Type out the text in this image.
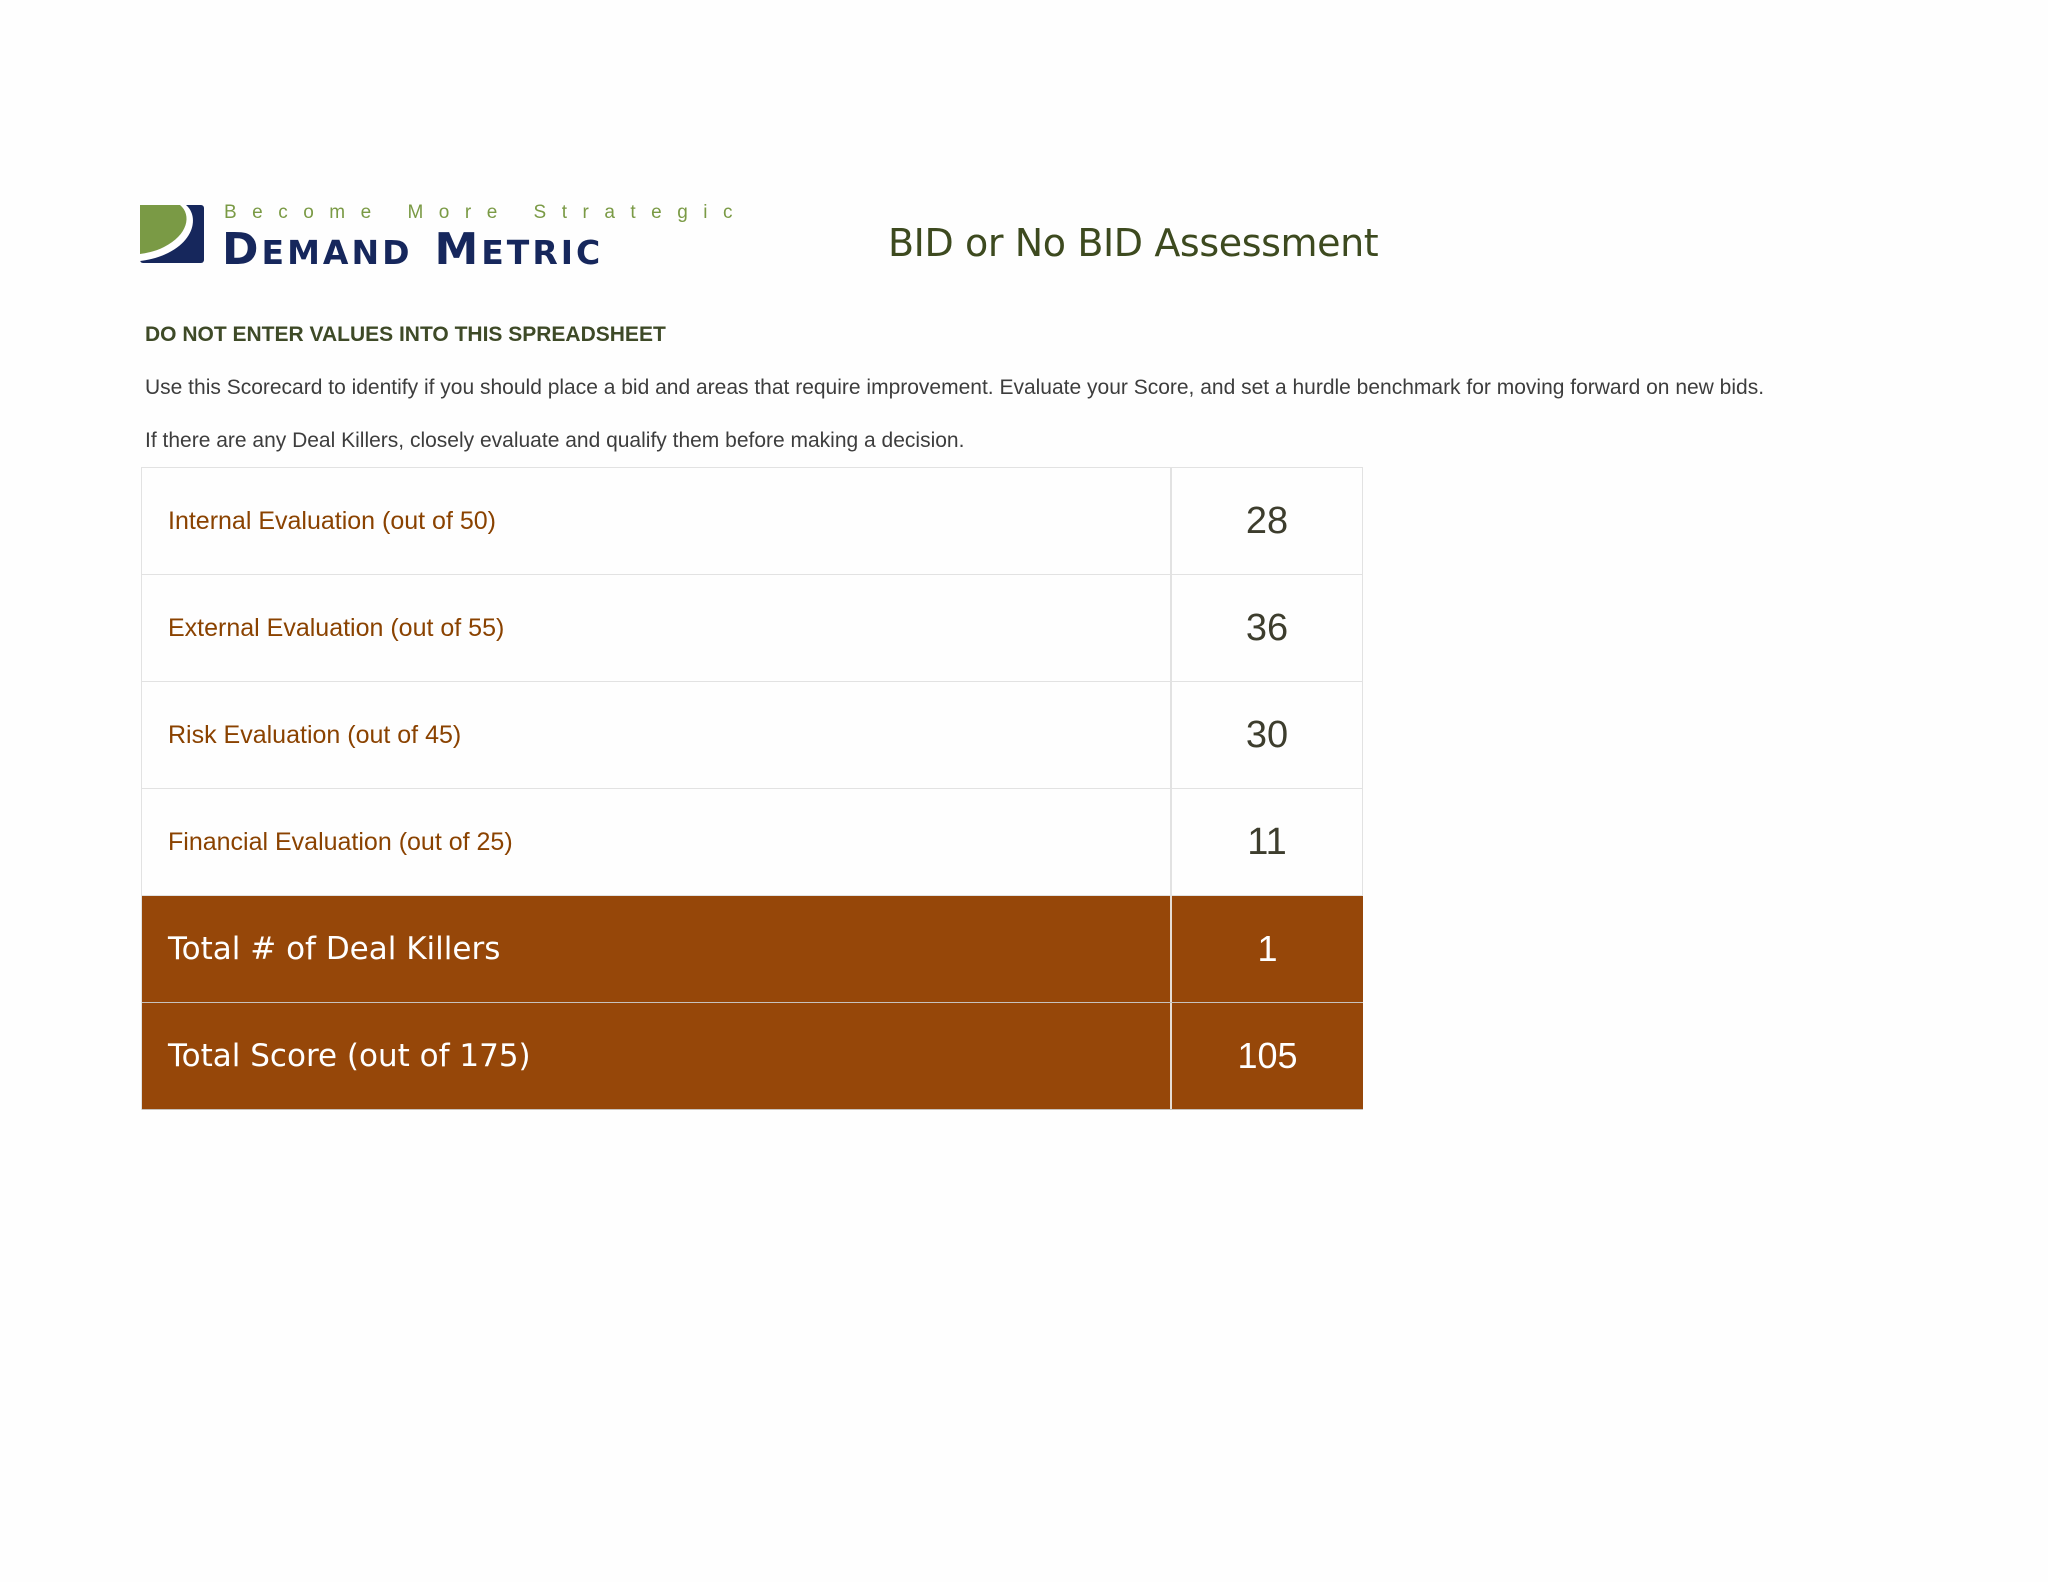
Become More Strategic
DEMAND METRIC	BID or No BID Assessment
DO NOT ENTER VALUES INTO THIS SPREADSHEET
Use this Scorecard to identify if you should place a bid and areas that require improvement. Evaluate your Score, and set a hurdle benchmark for moving forward on new bids.
If there are any Deal Killers, closely evaluate and qualify them before making a decision.
Internal Evaluation (out of 50)	28
External Evaluation (out of 55)	36
Risk Evaluation (out of 45)	30
Financial Evaluation (out of 25)	11
Total # of Deal Killers	1
Total Score (out of 175)	105
